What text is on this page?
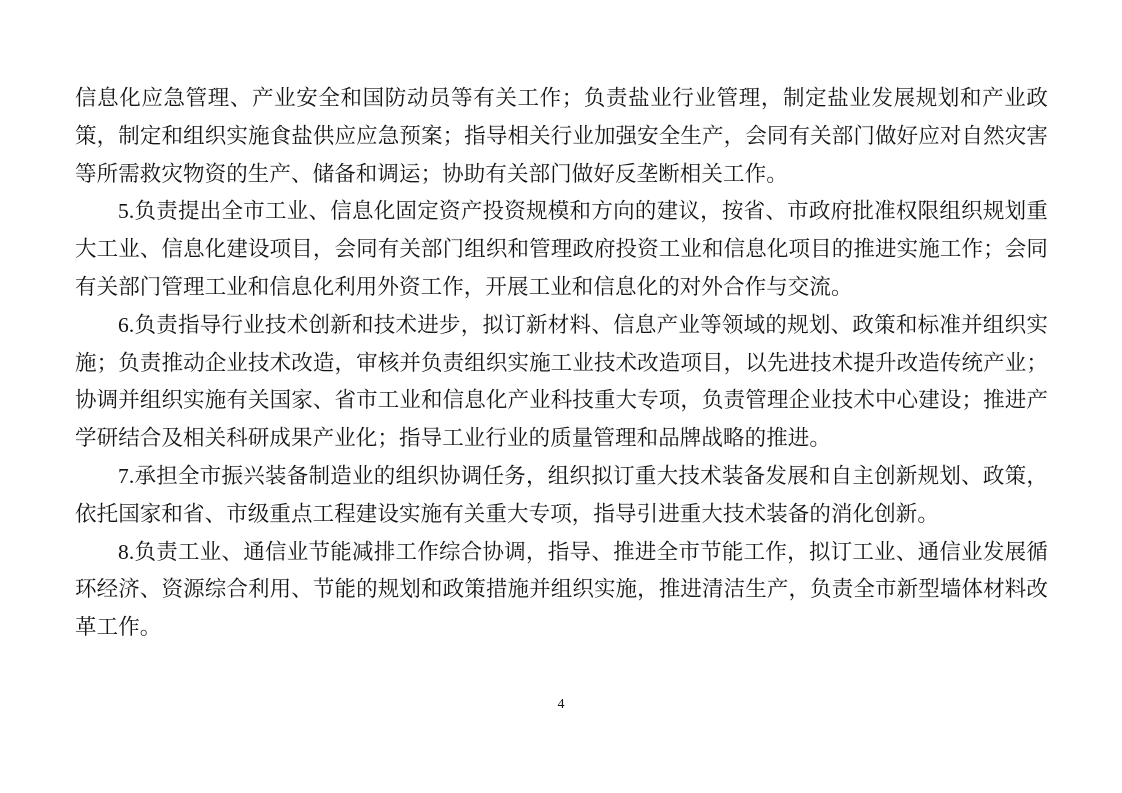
信息化应急管理、产业安全和国防动员等有关工作；负责盐业行业管理，制定盐业发展规划和产业政策，制定和组织实施食盐供应应急预案；指导相关行业加强安全生产，会同有关部门做好应对自然灾害等所需救灾物资的生产、储备和调运；协助有关部门做好反垄断相关工作。

5.负责提出全市工业、信息化固定资产投资规模和方向的建议，按省、市政府批准权限组织规划重大工业、信息化建设项目，会同有关部门组织和管理政府投资工业和信息化项目的推进实施工作；会同有关部门管理工业和信息化利用外资工作，开展工业和信息化的对外合作与交流。

6.负责指导行业技术创新和技术进步，拟订新材料、信息产业等领域的规划、政策和标准并组织实施；负责推动企业技术改造，审核并负责组织实施工业技术改造项目，以先进技术提升改造传统产业；协调并组织实施有关国家、省市工业和信息化产业科技重大专项，负责管理企业技术中心建设；推进产学研结合及相关科研成果产业化；指导工业行业的质量管理和品牌战略的推进。

7.承担全市振兴装备制造业的组织协调任务，组织拟订重大技术装备发展和自主创新规划、政策，依托国家和省、市级重点工程建设实施有关重大专项，指导引进重大技术装备的消化创新。

8.负责工业、通信业节能减排工作综合协调，指导、推进全市节能工作，拟订工业、通信业发展循环经济、资源综合利用、节能的规划和政策措施并组织实施，推进清洁生产，负责全市新型墙体材料改革工作。

4
